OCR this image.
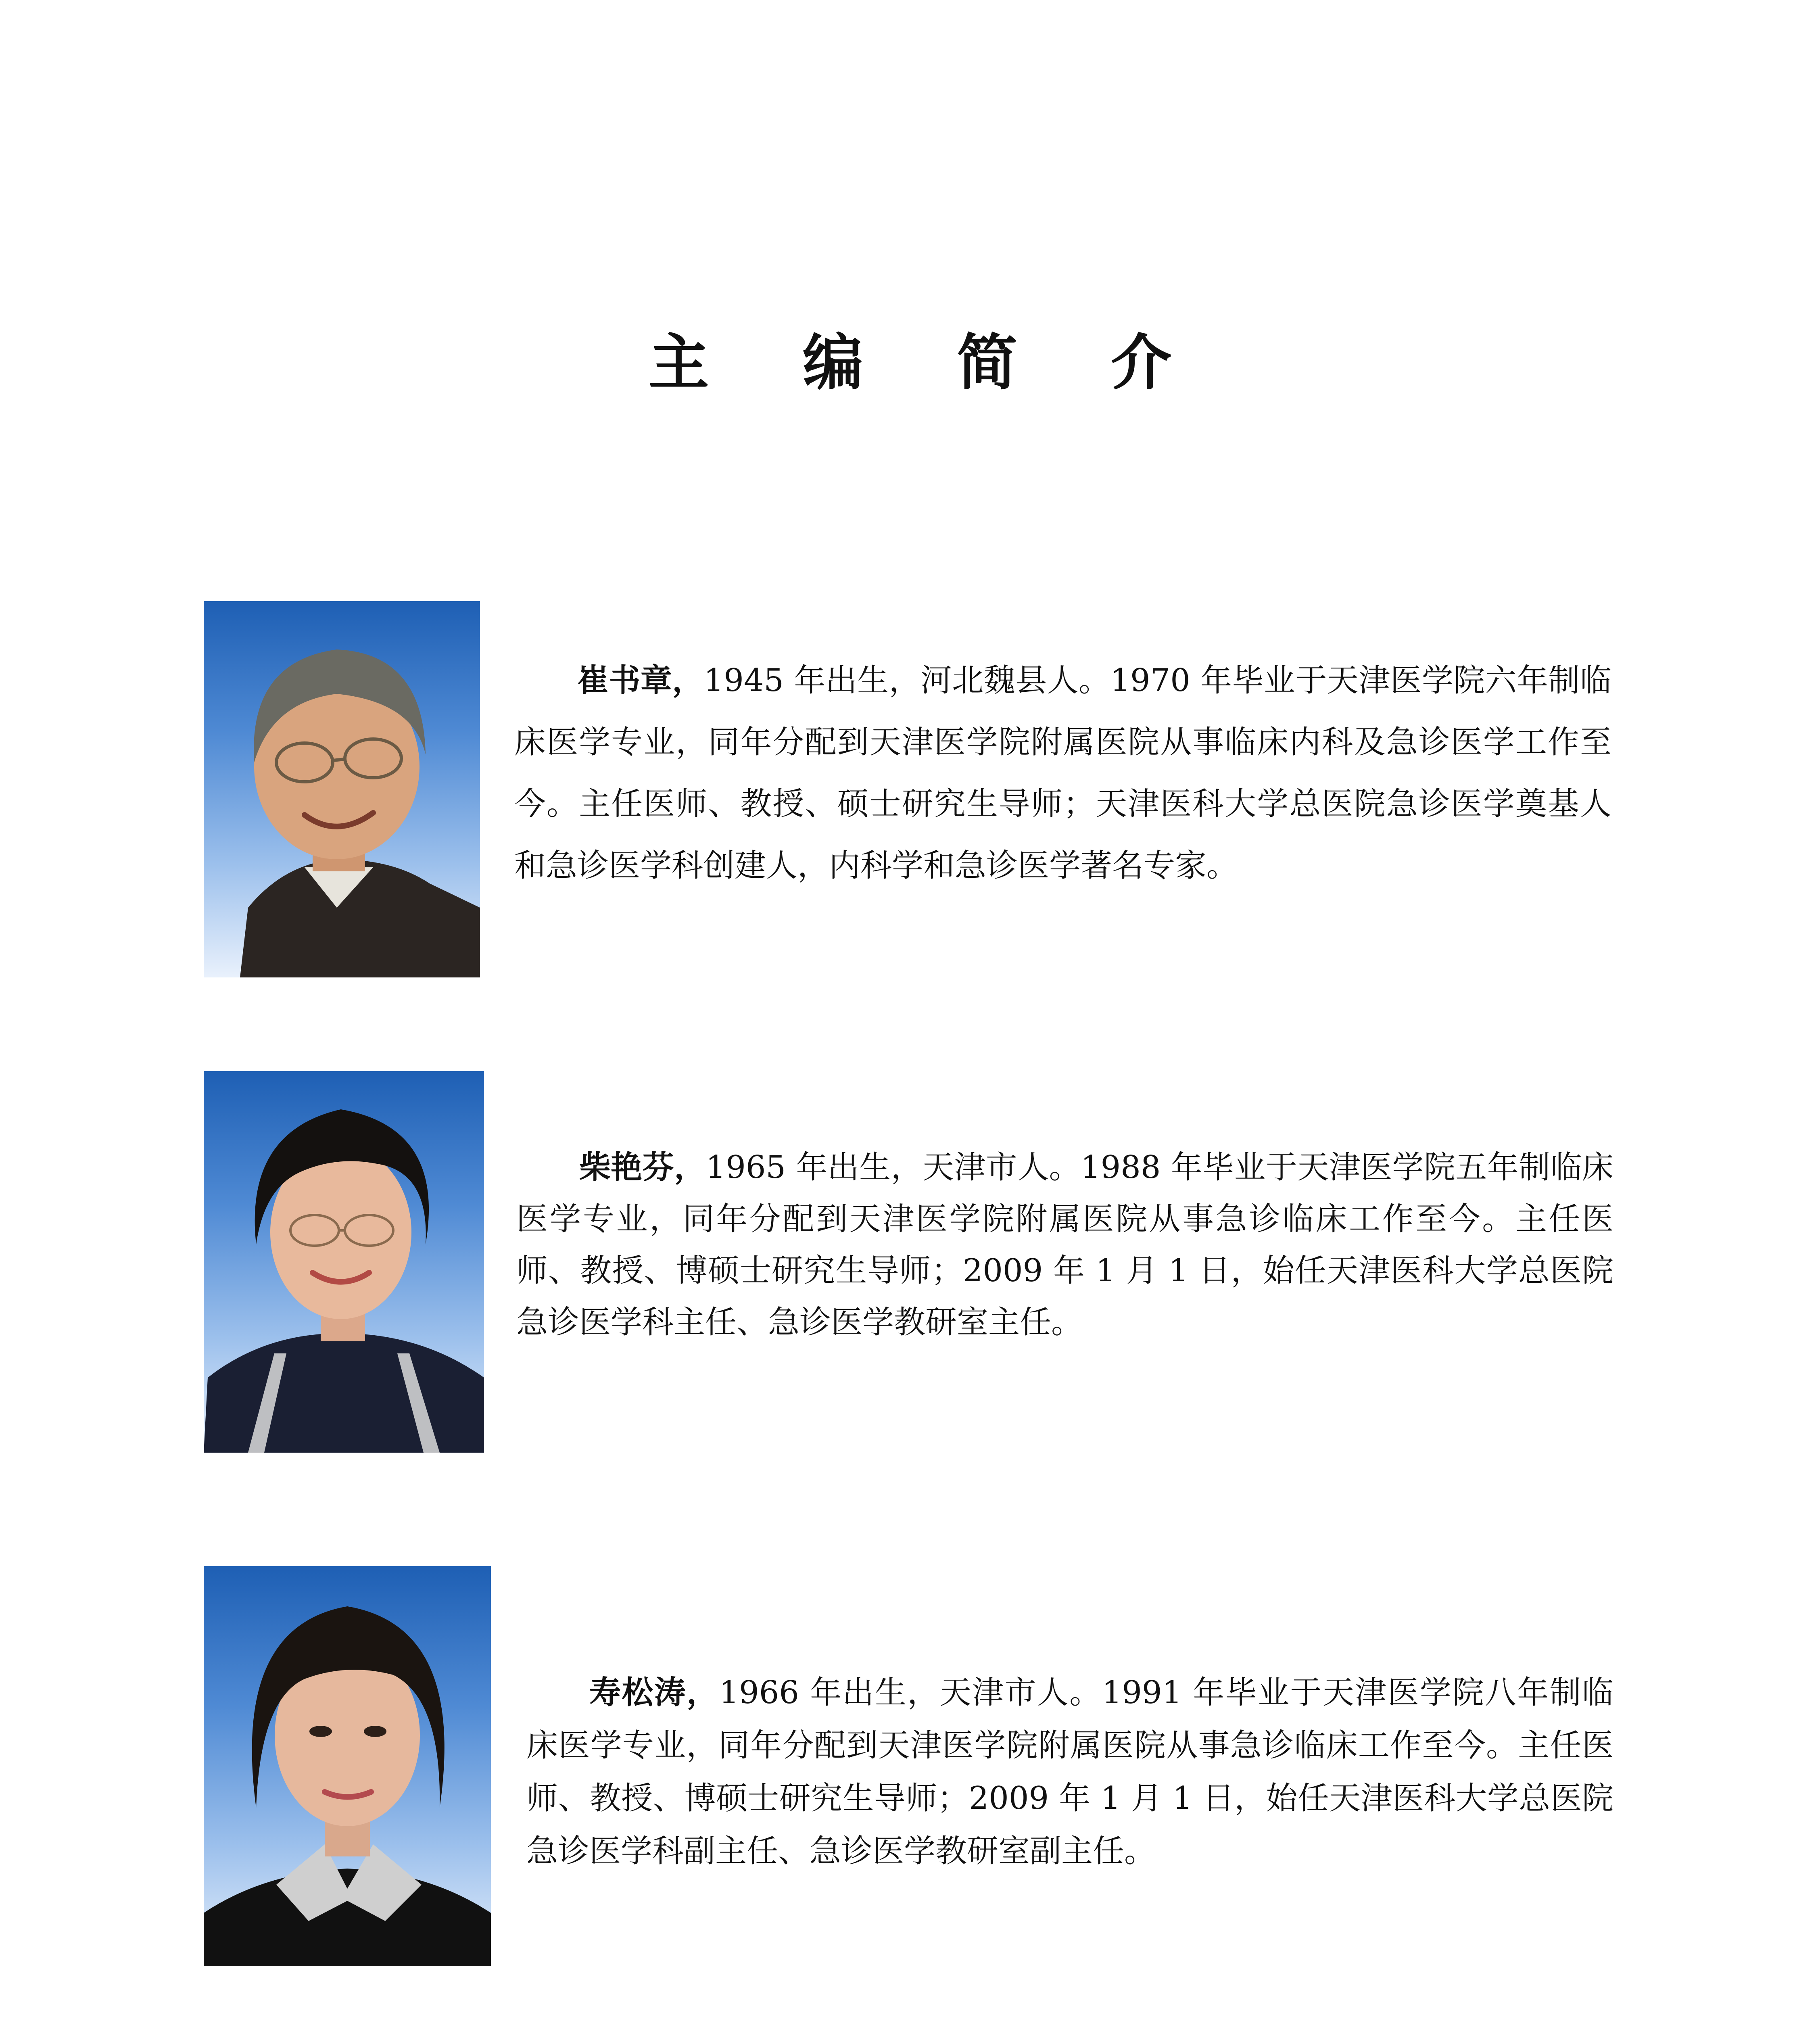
主 编 简 介

崔书章，1945 年出生，河北魏县人。1970 年毕业于天津医学院六年制临床医学专业，同年分配到天津医学院附属医院从事临床内科及急诊医学工作至今。主任医师、教授、硕士研究生导师；天津医科大学总医院急诊医学奠基人和急诊医学科创建人，内科学和急诊医学著名专家。

柴艳芬，1965 年出生，天津市人。1988 年毕业于天津医学院五年制临床医学专业，同年分配到天津医学院附属医院从事急诊临床工作至今。主任医师、教授、博硕士研究生导师；2009 年 1 月 1 日，始任天津医科大学总医院急诊医学科主任、急诊医学教研室主任。

寿松涛，1966 年出生，天津市人。1991 年毕业于天津医学院八年制临床医学专业，同年分配到天津医学院附属医院从事急诊临床工作至今。主任医师、教授、博硕士研究生导师；2009 年 1 月 1 日，始任天津医科大学总医院急诊医学科副主任、急诊医学教研室副主任。
